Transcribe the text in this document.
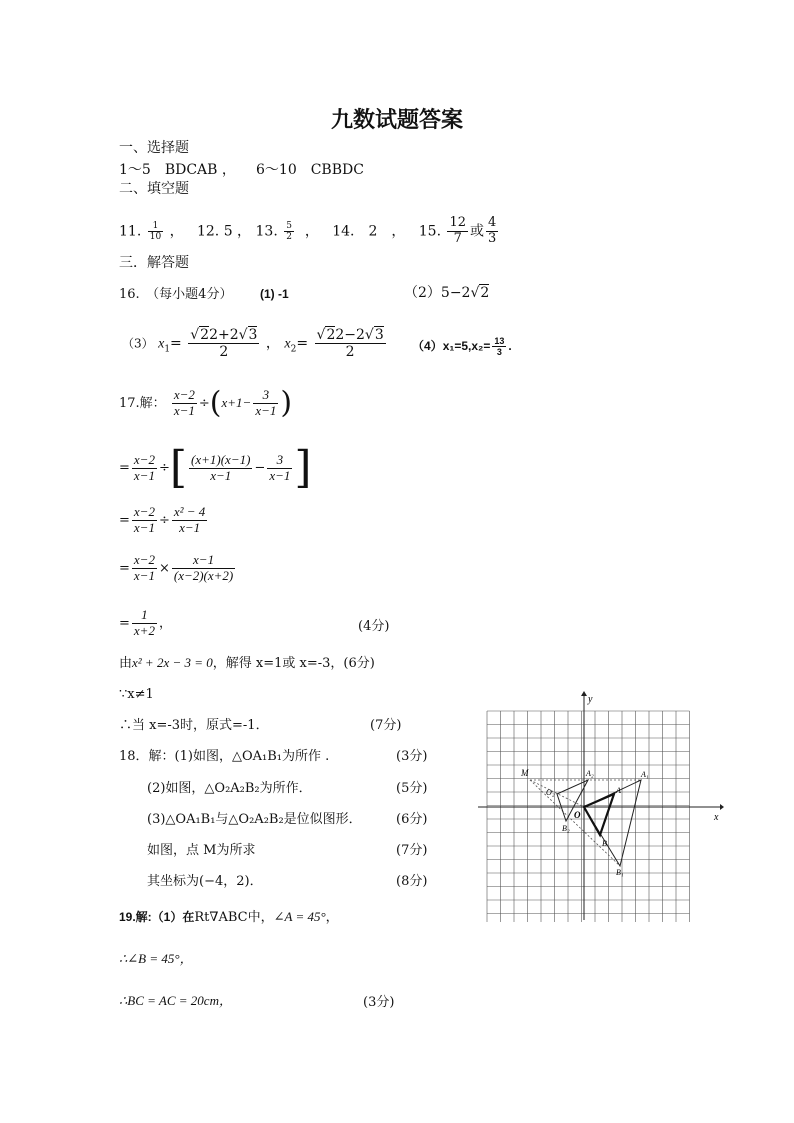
九数试题答案
一、选择题
1～5　BDCAB ， 6～10　CBBDC
二、填空题
11. $\frac{1}{10}$ ， 12. 5 ， 13. $\frac{5}{2}$ ， 14.　2　， 15. $\frac{12}{7}$ 或 $\frac{4}{3}$
三．解答题
16.　（每小题4分） (1) -1	（2）5−2√2
（3） $x_1= \frac{√22+2√3}{2}$ ， $x_2= \frac{√22-2√3}{2} (4)x_1=5,x_2= \frac{13}{3}$ .
17.解： $\frac{x-2}{x-1} \div(x+1- \frac{3}{x-1}$ )
= $\frac{x-2}{x-1}$ ÷[ $\frac{(x+1)(x-1)}{x-1} - \frac{3}{x-1}$ ]
= $\frac{x-2}{x-1} \div \frac{\text{x² − 4}}{x-1}$
= $\frac{x-2}{x-1} \times \frac{x-1}{(x-2)(x+2)}$
= $\frac{1}{x+2}$ ，	(4分)
由x² + 2x − 3 = 0，解得 x=1或 x=-3，(6分)
∵x≠1
∴当 x=-3时，原式=-1．	(7分)
18．解：(1)如图，△OA₁B₁为所作 .	(3分)
(2)如图，△O₂A₂B₂为所作．	(5分)
(3)△OA₁B₁与△O₂A₂B₂是位似图形．	(6分)
如图，点 M为所求	(7分)
其坐标为(−4，2)．	(8分)
19.解:（1）在Rt∇ABC中，∠A = 45°，
∴∠B = 45°，
∴BC = AC = 20cm，	(3分)
x
y
M
O₂
A₂	A₁
A
O
B₂
B
B₁
